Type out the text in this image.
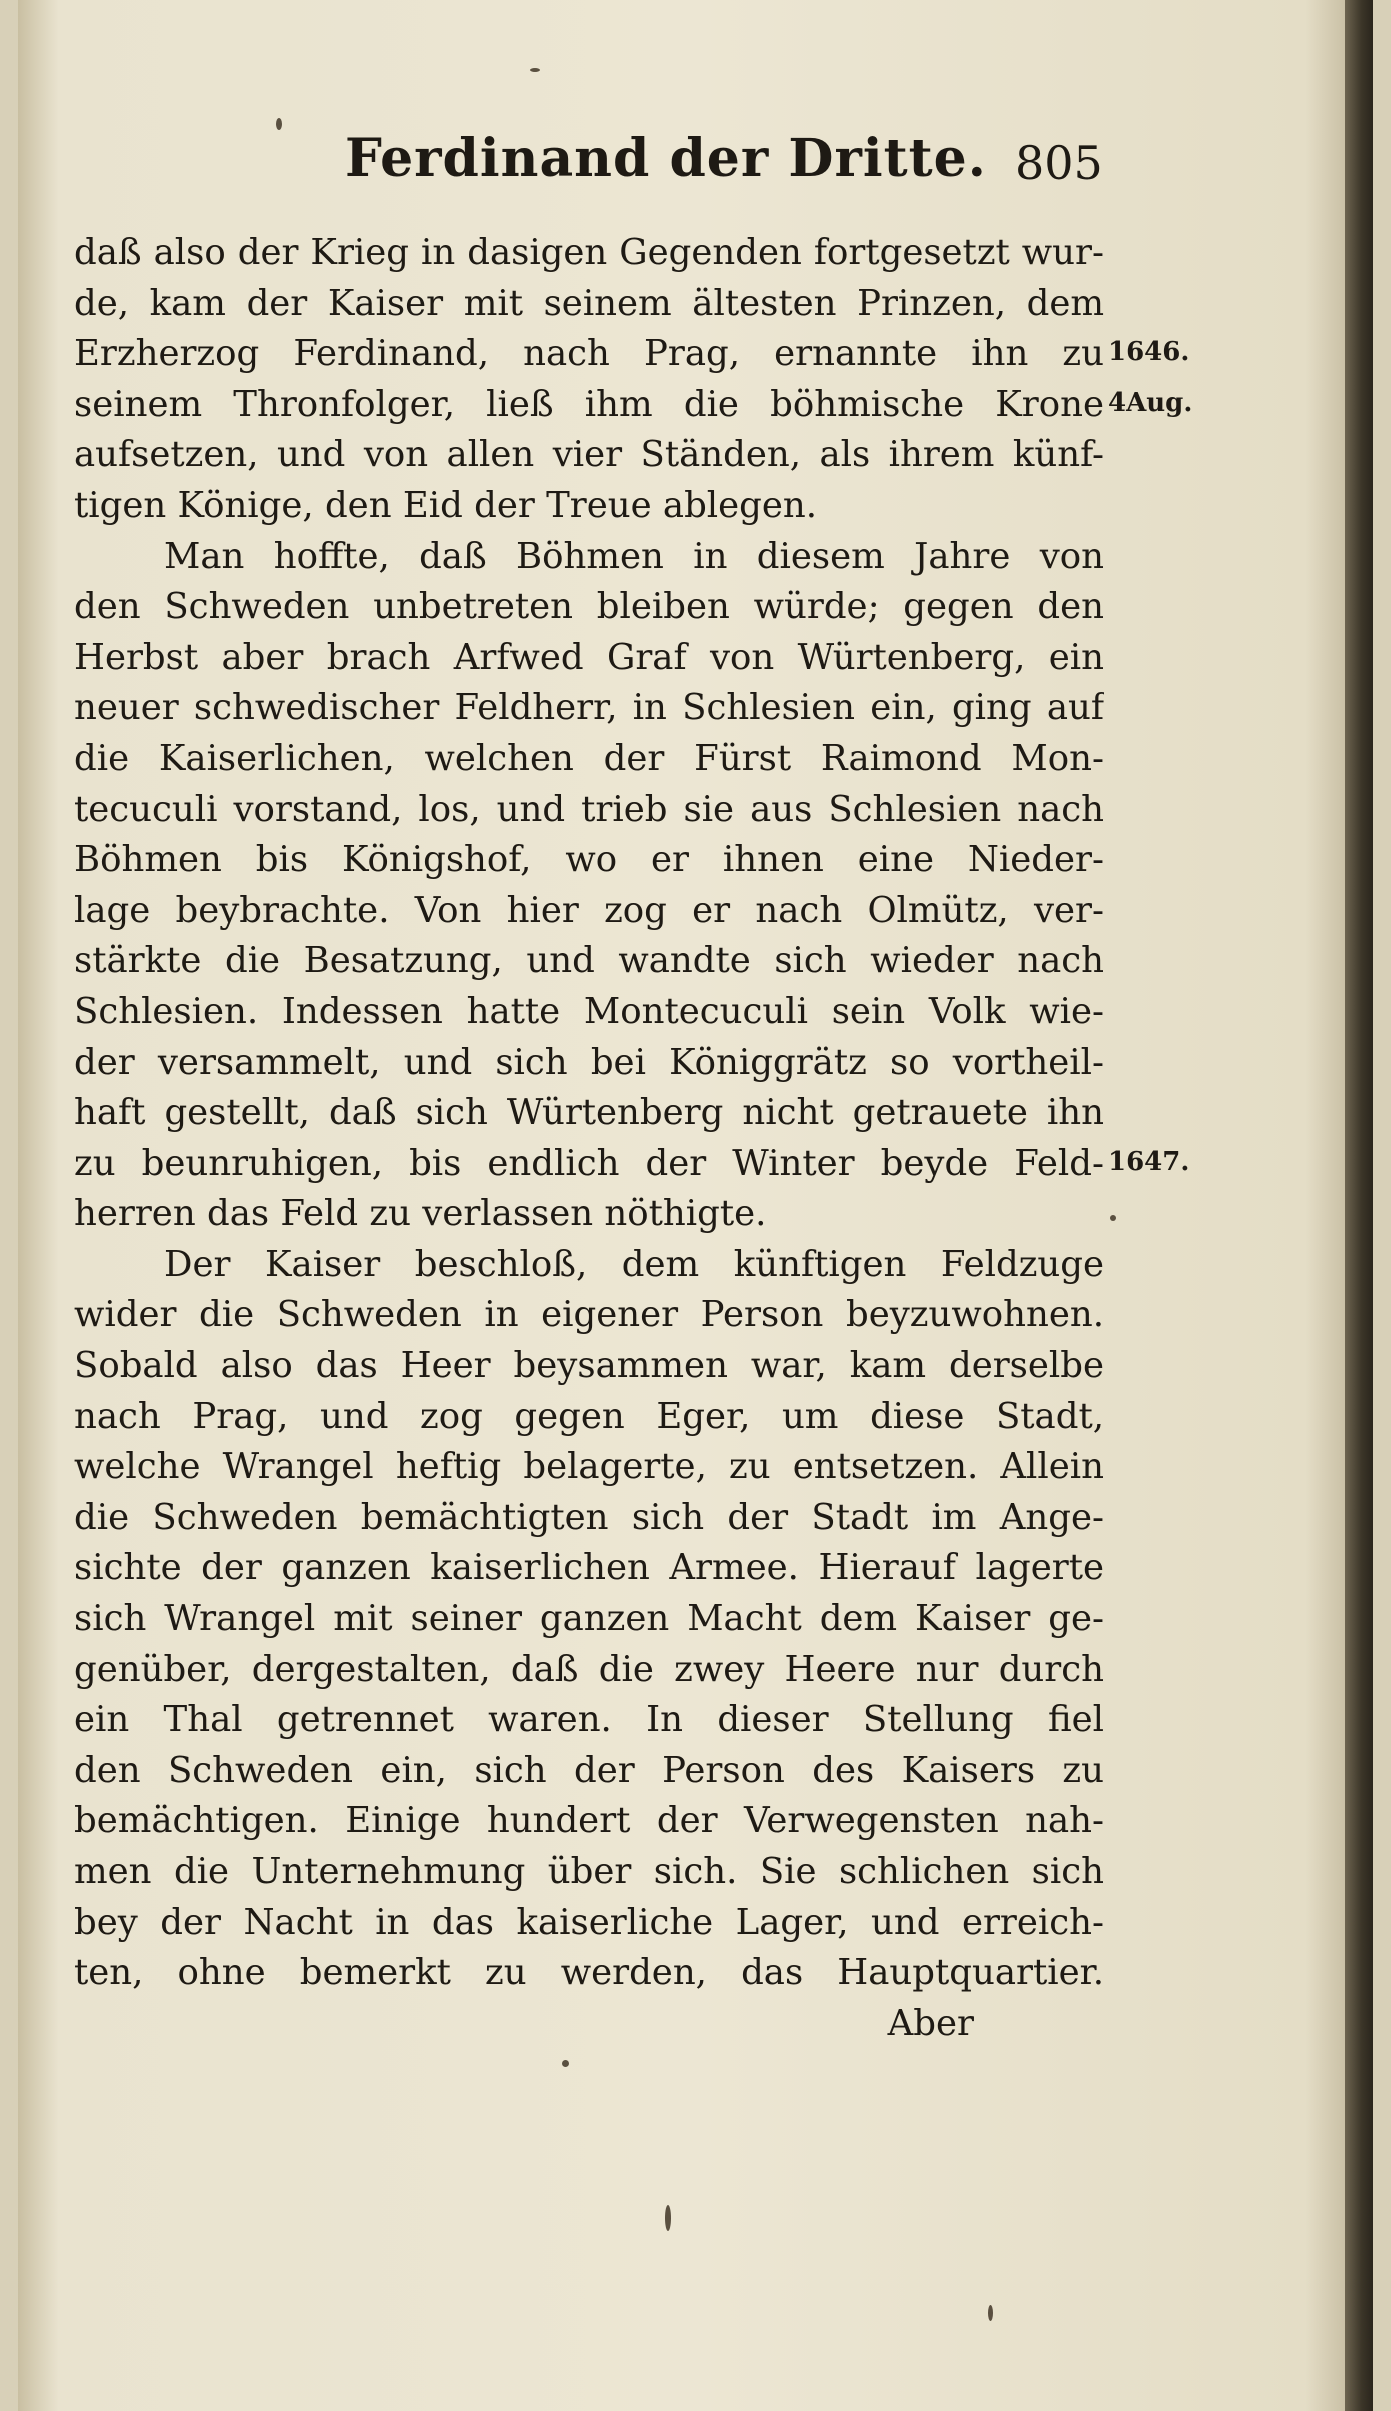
Ferdinand der Dritte. 805
daß also der Krieg in dasigen Gegenden fortgesetzt wur-
de, kam der Kaiser mit seinem ältesten Prinzen, dem
Erzherzog Ferdinand, nach Prag, ernannte ihn zu
seinem Thronfolger, ließ ihm die böhmische Krone
aufsetzen, und von allen vier Ständen, als ihrem künf-
tigen Könige, den Eid der Treue ablegen.
Man hoffte, daß Böhmen in diesem Jahre von
den Schweden unbetreten bleiben würde; gegen den
Herbst aber brach Arfwed Graf von Würtenberg, ein
neuer schwedischer Feldherr, in Schlesien ein, ging auf
die Kaiserlichen, welchen der Fürst Raimond Mon-
tecuculi vorstand, los, und trieb sie aus Schlesien nach
Böhmen bis Königshof, wo er ihnen eine Nieder-
lage beybrachte. Von hier zog er nach Olmütz, ver-
stärkte die Besatzung, und wandte sich wieder nach
Schlesien. Indessen hatte Montecuculi sein Volk wie-
der versammelt, und sich bei Königgrätz so vortheil-
haft gestellt, daß sich Würtenberg nicht getrauete ihn
zu beunruhigen, bis endlich der Winter beyde Feld-
herren das Feld zu verlassen nöthigte.
Der Kaiser beschloß, dem künftigen Feldzuge
wider die Schweden in eigener Person beyzuwohnen.
Sobald also das Heer beysammen war, kam derselbe
nach Prag, und zog gegen Eger, um diese Stadt,
welche Wrangel heftig belagerte, zu entsetzen. Allein
die Schweden bemächtigten sich der Stadt im Ange-
sichte der ganzen kaiserlichen Armee. Hierauf lagerte
sich Wrangel mit seiner ganzen Macht dem Kaiser ge-
genüber, dergestalten, daß die zwey Heere nur durch
ein Thal getrennet waren. In dieser Stellung fiel
den Schweden ein, sich der Person des Kaisers zu
bemächtigen. Einige hundert der Verwegensten nah-
men die Unternehmung über sich. Sie schlichen sich
bey der Nacht in das kaiserliche Lager, und erreich-
ten, ohne bemerkt zu werden, das Hauptquartier.
Aber
1646.
4Aug.
1647.
